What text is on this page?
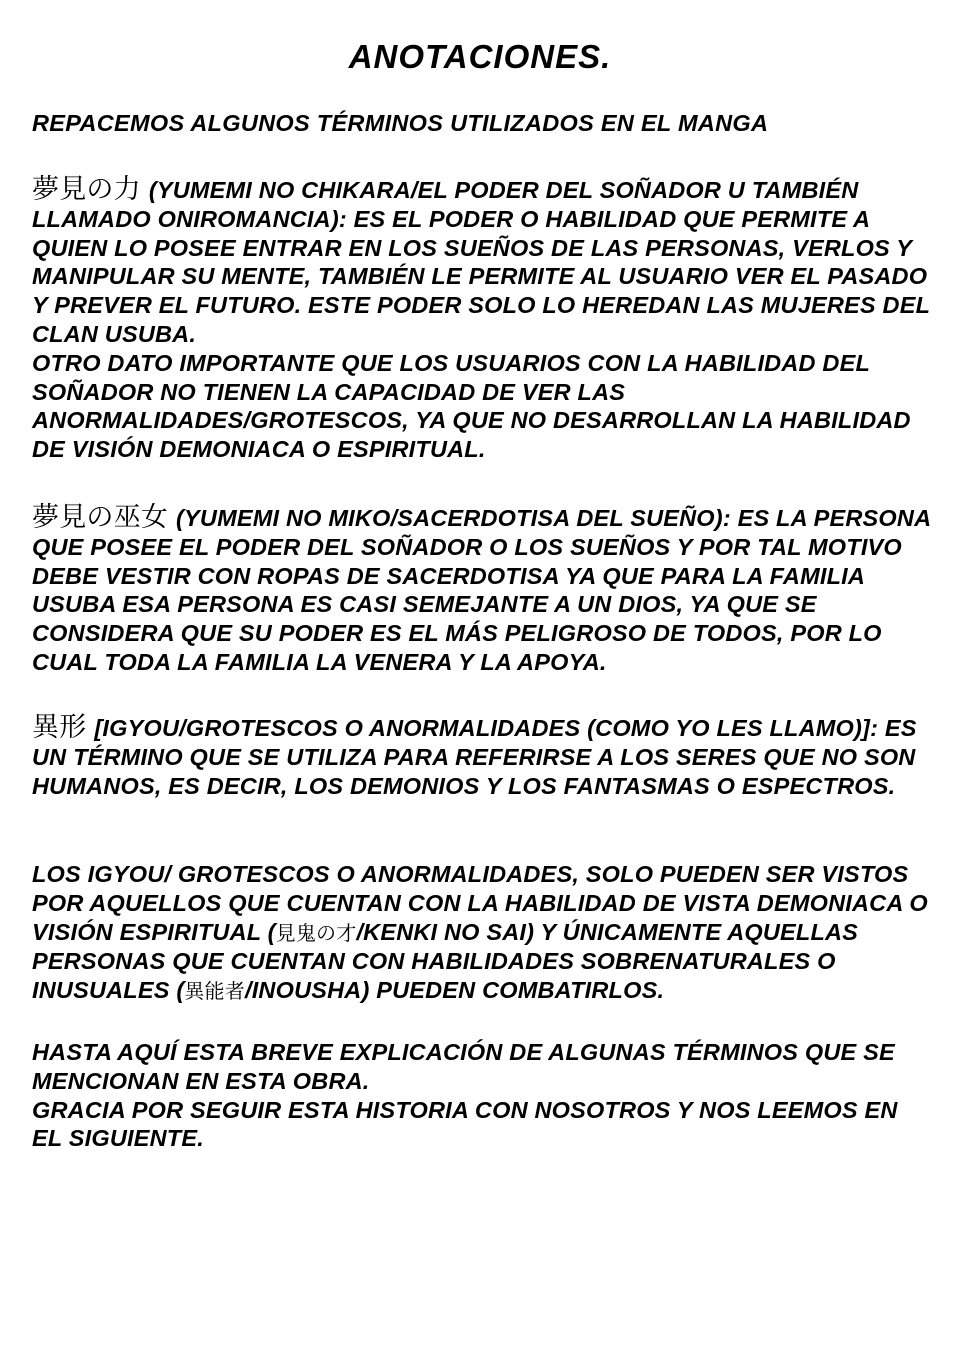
ANOTACIONES.
REPACEMOS ALGUNOS TÉRMINOS UTILIZADOS EN EL MANGA

夢見の力 (YUMEMI NO CHIKARA/EL PODER DEL SOÑADOR U TAMBIÉN LLAMADO ONIROMANCIA): ES EL PODER O HABILIDAD QUE PERMITE A QUIEN LO POSEE ENTRAR EN LOS SUEÑOS DE LAS PERSONAS, VERLOS Y MANIPULAR SU MENTE, TAMBIÉN LE PERMITE AL USUARIO VER EL PASADO Y PREVER EL FUTURO. ESTE PODER SOLO LO HEREDAN LAS MUJERES DEL CLAN USUBA.

OTRO DATO IMPORTANTE QUE LOS USUARIOS CON LA HABILIDAD DEL SOÑADOR NO TIENEN LA CAPACIDAD DE VER LAS ANORMALIDADES/GROTESCOS, YA QUE NO DESARROLLAN LA HABILIDAD DE VISIÓN DEMONIACA O ESPIRITUAL.

夢見の巫女 (YUMEMI NO MIKO/SACERDOTISA DEL SUEÑO): ES LA PERSONA QUE POSEE EL PODER DEL SOÑADOR O LOS SUEÑOS Y POR TAL MOTIVO DEBE VESTIR CON ROPAS DE SACERDOTISA YA QUE PARA LA FAMILIA USUBA ESA PERSONA ES CASI SEMEJANTE A UN DIOS, YA QUE SE CONSIDERA QUE SU PODER ES EL MÁS PELIGROSO DE TODOS, POR LO CUAL TODA LA FAMILIA LA VENERA Y LA APOYA.

異形 [IGYOU/GROTESCOS O ANORMALIDADES (COMO YO LES LLAMO)]: ES UN TÉRMINO QUE SE UTILIZA PARA REFERIRSE A LOS SERES QUE NO SON HUMANOS, ES DECIR, LOS DEMONIOS Y LOS FANTASMAS O ESPECTROS.

LOS IGYOU/ GROTESCOS O ANORMALIDADES, SOLO PUEDEN SER VISTOS POR AQUELLOS QUE CUENTAN CON LA HABILIDAD DE VISTA DEMONIACA O VISIÓN ESPIRITUAL (見鬼の才/KENKI NO SAI) Y ÚNICAMENTE AQUELLAS PERSONAS QUE CUENTAN CON HABILIDADES SOBRENATURALES O INUSUALES (異能者/INOUSHA) PUEDEN COMBATIRLOS.

HASTA AQUÍ ESTA BREVE EXPLICACIÓN DE ALGUNAS TÉRMINOS QUE SE MENCIONAN EN ESTA OBRA.

GRACIA POR SEGUIR ESTA HISTORIA CON NOSOTROS Y NOS LEEMOS EN EL SIGUIENTE.
